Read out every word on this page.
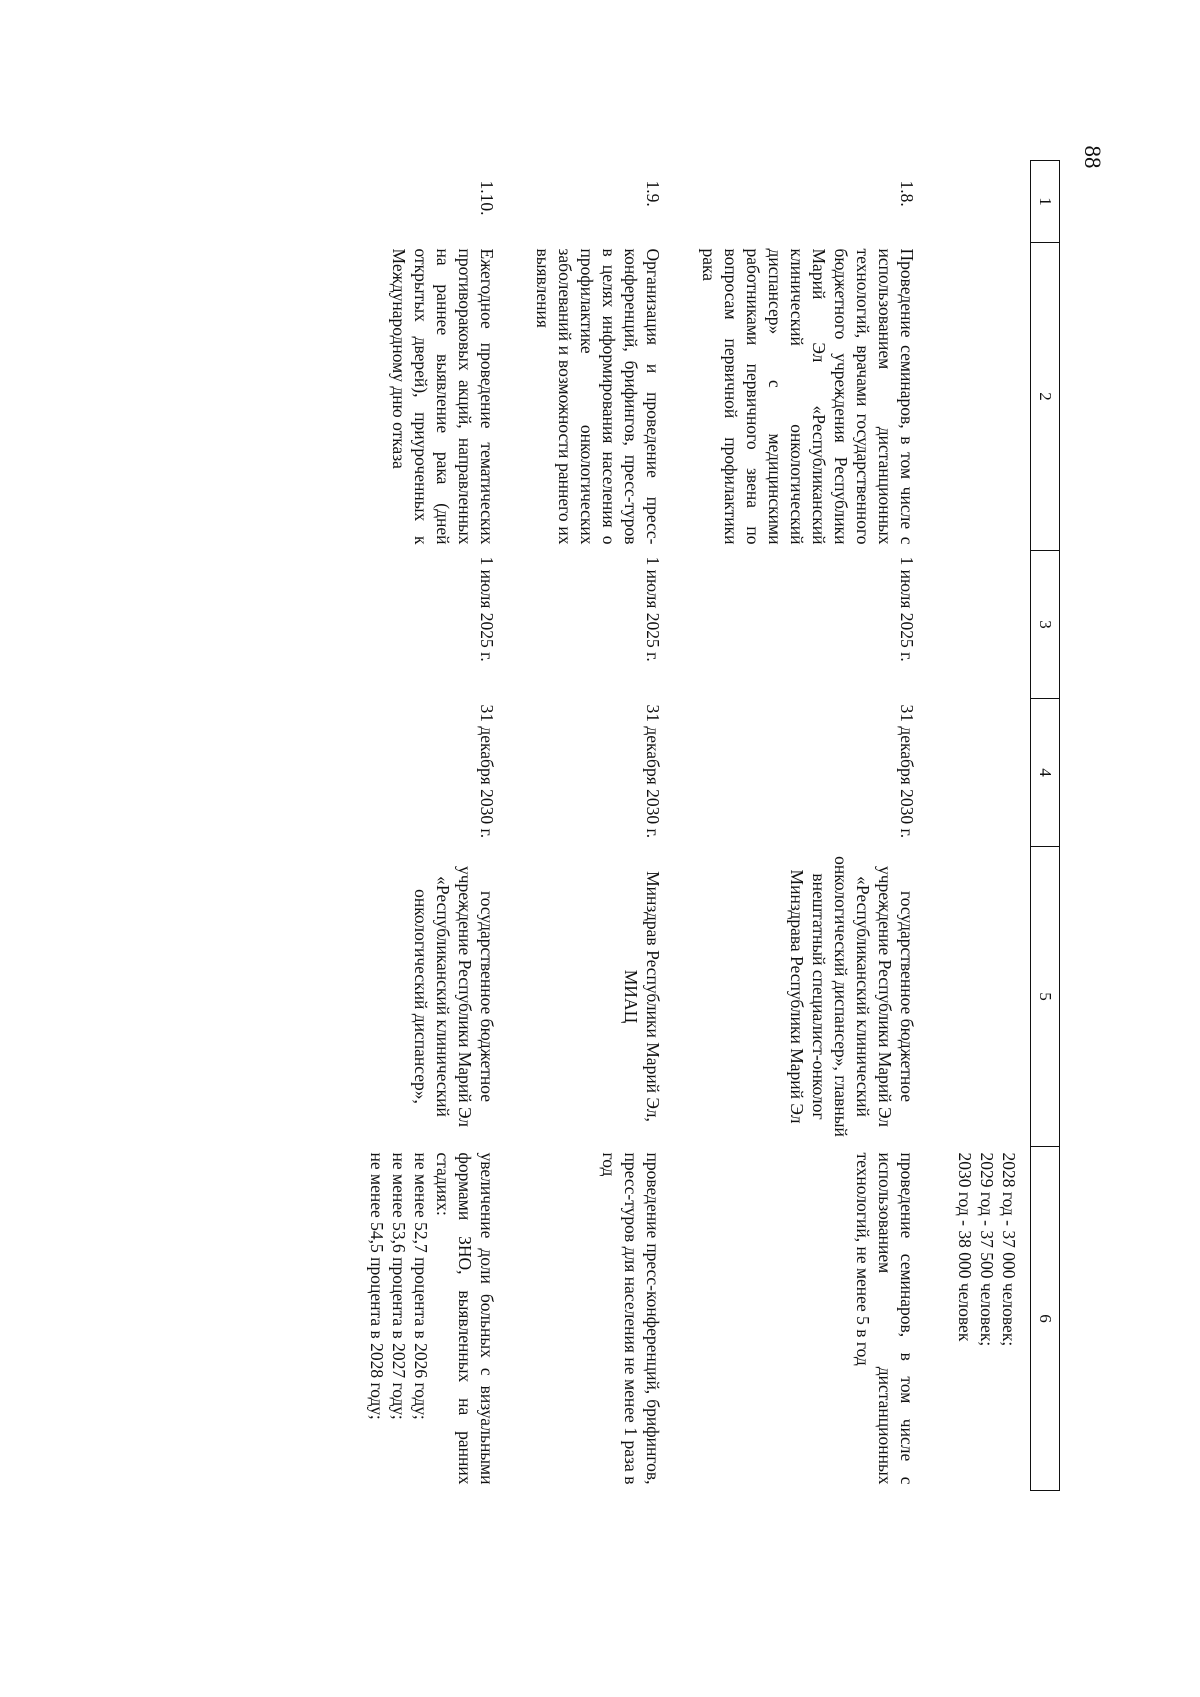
88
1	2	3	4	5	6

					2028 год - 37 000 человек;
2029 год - 37 500 человек;
2030 год - 38 000 человек

1.8.	Проведение семинаров, в том числе с использованием дистанционных технологий, врачами государственного бюджетного учреждения Республики Марий Эл «Республиканский клинический онкологический диспансер» с медицинскими работниками первичного звена по вопросам первичной профилактики рака	1 июля 2025 г.	31 декабря 2030 г.	государственное бюджетное учреждение Республики Марий Эл «Республиканский клинический онкологический диспансер», главный внештатный специалист-онколог Минздрава Республики Марий Эл	проведение семинаров, в том числе с использованием дистанционных технологий, не менее 5 в год
1.9.	Организация и проведение пресс-конференций, брифингов, пресс-туров в целях информирования населения о профилактике онкологических заболеваний и возможности раннего их выявления	1 июля 2025 г.	31 декабря 2030 г.	Минздрав Республики Марий Эл, МИАЦ	проведение пресс-конференций, брифингов, пресс-туров для населения не менее 1 раза в год
1.10.	Ежегодное проведение тематических противораковых акций, направленных на раннее выявление рака (дней открытых дверей), приуроченных к Международному дню отказа	1 июля 2025 г.	31 декабря 2030 г.	государственное бюджетное учреждение Республики Марий Эл «Республиканский клинический онкологический диспансер»,	увеличение доли больных с визуальными формами ЗНО, выявленных на ранних стадиях:
не менее 52,7 процента в 2026 году;
не менее 53,6 процента в 2027 году;
не менее 54,5 процента в 2028 году;
